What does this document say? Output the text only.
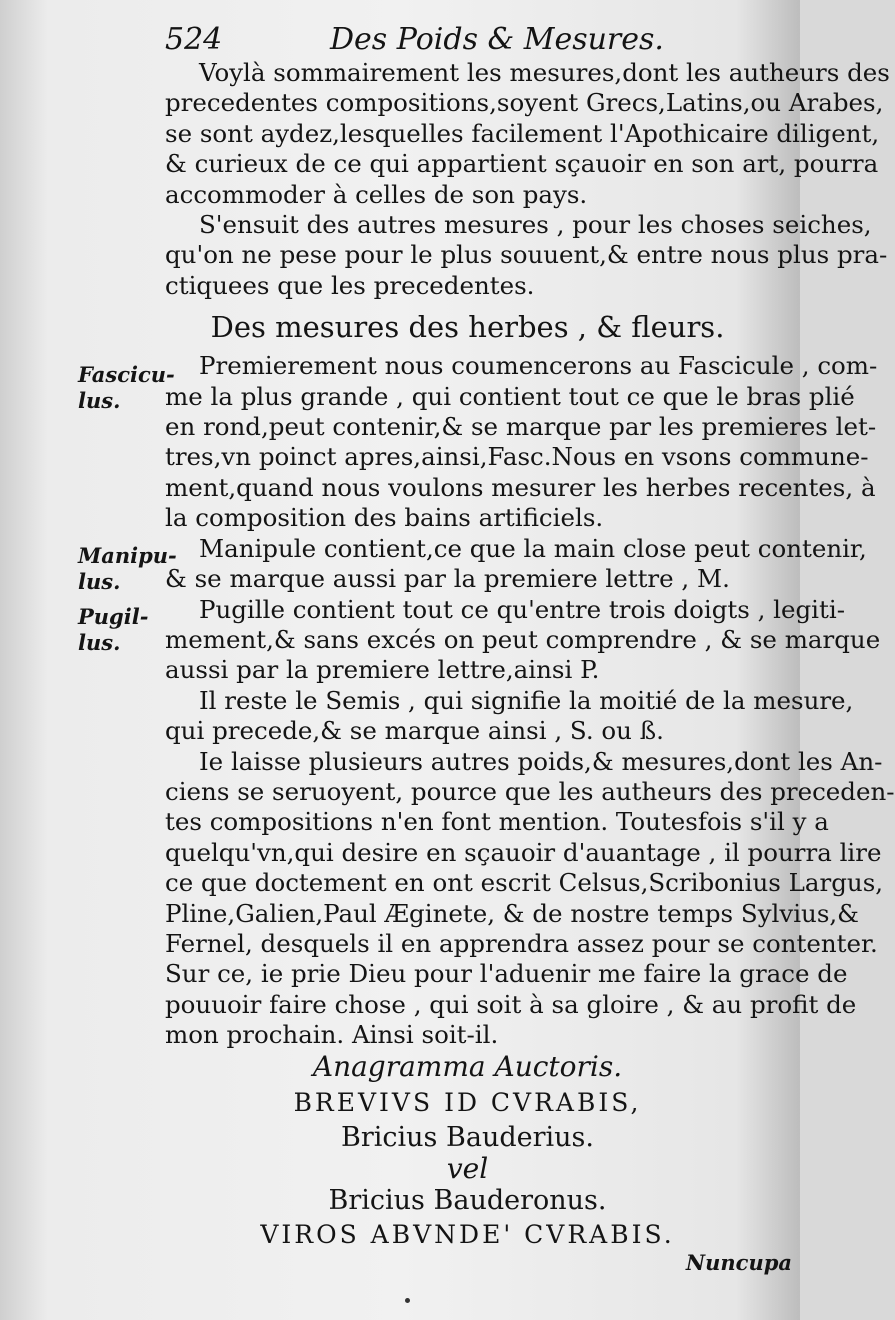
524	Des Poids & Mesures.

Voylà sommairement les mesures,dont les autheurs des
precedentes compositions,soyent Grecs,Latins,ou Arabes,
se sont aydez,lesquelles facilement l'Apothicaire diligent,
& curieux de ce qui appartient sçauoir en son art, pourra
accommoder à celles de son pays.

S'ensuit des autres mesures , pour les choses seiches,
qu'on ne pese pour le plus souuent,& entre nous plus pra-
ctiquees que les precedentes.

Des mesures des herbes , & fleurs.

Premierement nous coumencerons au Fascicule , com-
me la plus grande , qui contient tout ce que le bras plié
en rond,peut contenir,& se marque par les premieres let-
tres,vn poinct apres,ainsi,Fasc.Nous en vsons commune-
ment,quand nous voulons mesurer les herbes recentes, à
la composition des bains artificiels.

Manipule contient,ce que la main close peut contenir,
& se marque aussi par la premiere lettre , M.

Pugille contient tout ce qu'entre trois doigts , legiti-
mement,& sans excés on peut comprendre , & se marque
aussi par la premiere lettre,ainsi P.

Il reste le Semis , qui signifie la moitié de la mesure,
qui precede,& se marque ainsi , S. ou ß.

Ie laisse plusieurs autres poids,& mesures,dont les An-
ciens se seruoyent, pource que les autheurs des preceden-
tes compositions n'en font mention. Toutesfois s'il y a
quelqu'vn,qui desire en sçauoir d'auantage , il pourra lire
ce que doctement en ont escrit Celsus,Scribonius Largus,
Pline,Galien,Paul Æginete, & de nostre temps Sylvius,&
Fernel, desquels il en apprendra assez pour se contenter.
Sur ce, ie prie Dieu pour l'aduenir me faire la grace de
pouuoir faire chose , qui soit à sa gloire , & au profit de
mon prochain. Ainsi soit-il.

Fascicu-
lus.
Manipu-
lus.
Pugil-
lus.
Anagramma Auctoris.
BREVIVS ID CVRABIS,
Bricius Bauderius.
vel
Bricius Bauderonus.
VIROS ABVNDE' CVRABIS.
Nuncupa
